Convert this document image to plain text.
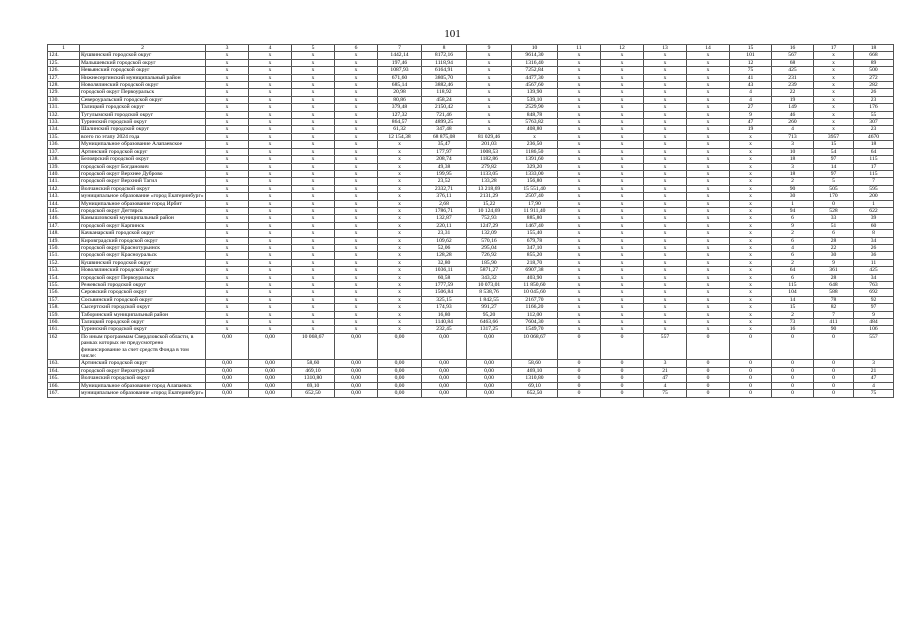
101
1	2	3	4	5	6	7	8	9	10	11	12	13	14	15	16	17	18
124.	Кушвинский городской округ	x	x	x	x	1442,14	8172,16	x	9614,30	x	x	x	x	101	567	x	668
125.	Малышевский городской округ	x	x	x	x	197,46	1118,94	x	1316,40	x	x	x	x	12	68	x	89
126.	Невьянский городской округ	x	x	x	x	1087,93	6164,91	x	7252,84	x	x	x	x	75	425	x	500
127.	Нижнесергинский муниципальный район	x	x	x	x	671,60	3805,70	x	4477,30	x	x	x	x	41	231	x	272
128.	Новолялинский городской округ	x	x	x	x	685,14	3882,46	x	4567,60	x	x	x	x	43	239	x	282
129.	городской округ Первоуральск	x	x	x	x	20,98	118,92	x	139,90	x	x	x	x	4	22	x	26
130.	Североуральский городской округ	x	x	x	x	80,86	458,24	x	539,10	x	x	x	x	4	19	x	23
131.	Талицкий городской округ	x	x	x	x	379,48	2150,42	x	2529,90	x	x	x	x	27	149	x	176
132.	Тугулымский городской округ	x	x	x	x	127,32	721,46	x	848,78	x	x	x	x	9	46	x	55
133.	Туринский городской округ	x	x	x	x	864,57	4899,25	x	5763,82	x	x	x	x	47	260	x	307
134.	Шалинский городской округ	x	x	x	x	61,32	347,48	x	408,80	x	x	x	x	19	4	x	23
135.	всего по этапу 2024 года	x	x	x	x	12 154,38	68 875,08	81 029,46	x	x	x	x	x	x	713	3957	4670
136.	Муниципальное образование Алапаевское	x	x	x	x	x	35,47	201,03	236,50	x	x	x	x	x	3	15	18
137.	Артинский городской округ	x	x	x	x	x	177,97	1008,53	1186,50	x	x	x	x	x	10	54	64
138.	Белоярский городской округ	x	x	x	x	x	208,74	1182,86	1391,60	x	x	x	x	x	18	97	115
139.	городской округ Богданович	x	x	x	x	x	49,38	279,82	329,20	x	x	x	x	x	3	14	17
140.	городской округ Верхнее Дуброво	x	x	x	x	x	199,95	1133,05	1333,00	x	x	x	x	x	18	97	115
141.	городской округ Верхний Тагил	x	x	x	x	x	23,52	133,28	156,80	x	x	x	x	x	2	5	7
142.	Волчанский городской округ	x	x	x	x	x	2332,71	13 218,69	15 551,40	x	x	x	x	x	90	505	595
143.	муниципальное образование «город Екатеринбург»	x	x	x	x	x	376,11	2131,29	2507,40	x	x	x	x	x	30	170	200
144.	Муниципальное образование город Ирбит	x	x	x	x	x	2,68	15,22	17,90	x	x	x	x	x	1	0	1
145.	городской округ Дегтярск	x	x	x	x	x	1786,71	10 124,69	11 911,40	x	x	x	x	x	94	528	622
146.	Камышловский муниципальный район	x	x	x	x	x	132,87	752,93	885,80	x	x	x	x	x	6	33	39
147.	городской округ Карпинск	x	x	x	x	x	220,11	1247,29	1467,40	x	x	x	x	x	9	51	60
148.	Качканарский городской округ	x	x	x	x	x	23,31	132,09	155,40	x	x	x	x	x	2	6	8
149.	Кировградский городской округ	x	x	x	x	x	109,62	570,16	679,78	x	x	x	x	x	6	28	34
150.	городской округ Краснотурьинск	x	x	x	x	x	52,06	295,04	347,10	x	x	x	x	x	4	22	26
151.	городской округ Красноуральск	x	x	x	x	x	128,28	726,92	855,20	x	x	x	x	x	6	30	36
152.	Кушвинский городской округ	x	x	x	x	x	32,80	185,90	218,70	x	x	x	x	x	2	9	11
153.	Новолялинский городской округ	x	x	x	x	x	1036,11	5871,27	6907,38	x	x	x	x	x	64	361	425
154.	городской округ Первоуральск	x	x	x	x	x	60,58	343,32	403,90	x	x	x	x	x	6	28	34
155.	Режевской городской округ	x	x	x	x	x	1777,59	10 073,01	11 850,60	x	x	x	x	x	115	648	763
156.	Серовский городской округ	x	x	x	x	x	1506,84	8 538,76	10 045,60	x	x	x	x	x	104	588	692
157.	Сосьвинский городской округ	x	x	x	x	x	325,15	1 842,55	2167,70	x	x	x	x	x	14	78	92
158.	Сысертский городской округ	x	x	x	x	x	174,93	991,27	1166,20	x	x	x	x	x	15	82	97
159.	Таборинский муниципальный район	x	x	x	x	x	16,80	95,20	112,00	x	x	x	x	x	2	7	9
160.	Талицкий городской округ	x	x	x	x	x	1140,84	6463,66	7604,30	x	x	x	x	x	73	411	484
161.	Туринский городской округ	x	x	x	x	x	232,45	1317,25	1549,70	x	x	x	x	x	16	90	106
162	По иным программам Свердловской области, в рамках которых не предусмотрено финансирование за счет средств Фонда в том числе:	0,00	0,00	10 068,67	0,00	0,00	0,00	0,00	10 068,67	0	0	557	0	0	0	0	557
163.	Артинский городской округ	0,00	0,00	58,60	0,00	0,00	0,00	0,00	58,60	0	0	3	0	0	0	0	3
164.	городской округ Верхотурский	0,00	0,00	469,10	0,00	0,00	0,00	0,00	469,10	0	0	21	0	0	0	0	21
165.	Волчанский городской округ	0,00	0,00	1310,80	0,00	0,00	0,00	0,00	1310,80	0	0	47	0	0	0	0	47
166.	Муниципальное образование город Алапаевск	0,00	0,00	69,10	0,00	0,00	0,00	0,00	69,10	0	0	4	0	0	0	0	4
167.	муниципальное образование «город Екатеринбург»	0,00	0,00	652,50	0,00	0,00	0,00	0,00	652,50	0	0	75	0	0	0	0	75
